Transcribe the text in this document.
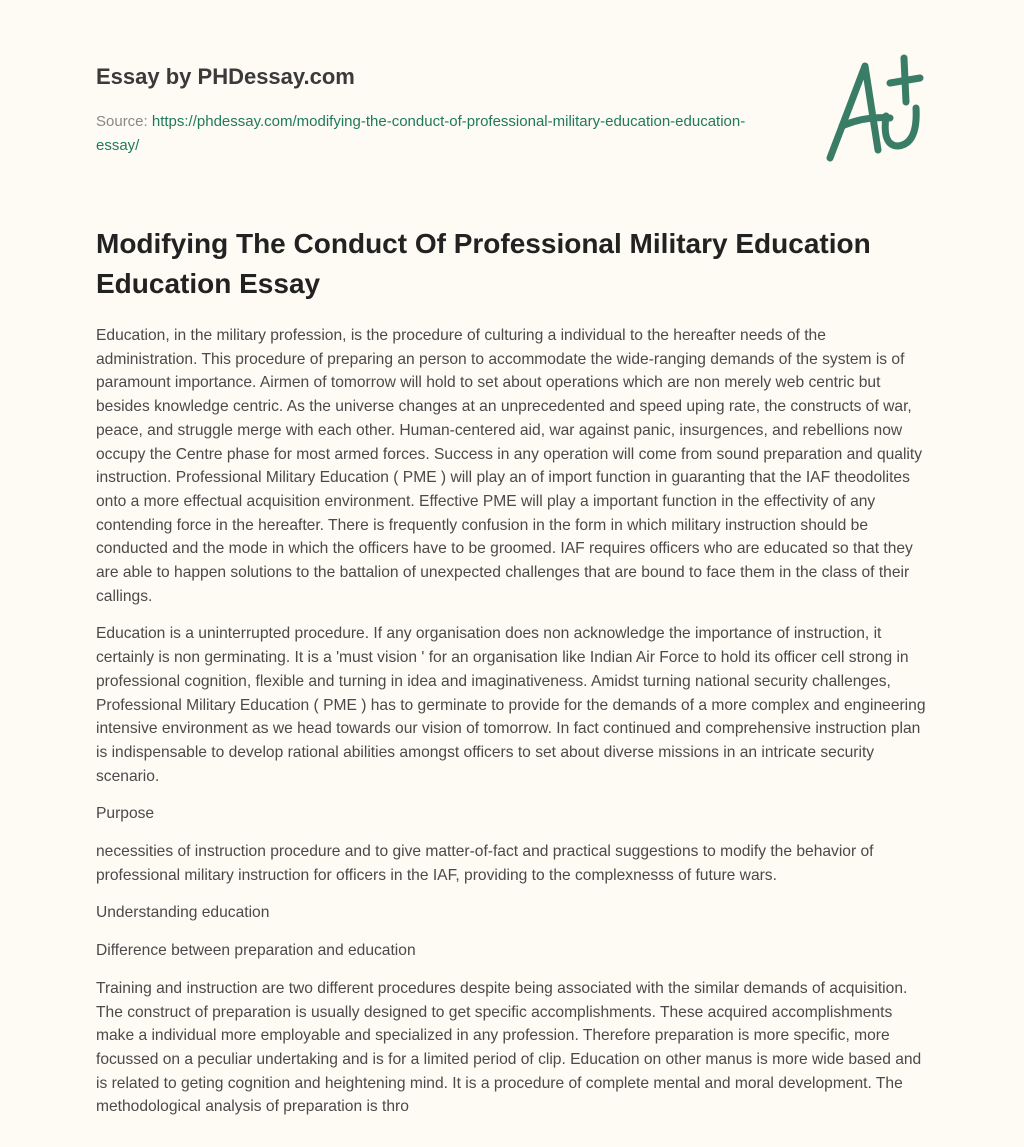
Essay by PHDessay.com
Source: https://phdessay.com/modifying-the-conduct-of-professional-military-education-education-essay/
Modifying The Conduct Of Professional Military Education Education Essay

Education, in the military profession, is the procedure of culturing a individual to the hereafter needs of the administration. This procedure of preparing an person to accommodate the wide-ranging demands of the system is of paramount importance. Airmen of tomorrow will hold to set about operations which are non merely web centric but besides knowledge centric. As the universe changes at an unprecedented and speed uping rate, the constructs of war, peace, and struggle merge with each other. Human-centered aid, war against panic, insurgences, and rebellions now occupy the Centre phase for most armed forces. Success in any operation will come from sound preparation and quality instruction. Professional Military Education ( PME ) will play an of import function in guaranting that the IAF theodolites onto a more effectual acquisition environment. Effective PME will play a important function in the effectivity of any contending force in the hereafter. There is frequently confusion in the form in which military instruction should be conducted and the mode in which the officers have to be groomed. IAF requires officers who are educated so that they are able to happen solutions to the battalion of unexpected challenges that are bound to face them in the class of their callings.

Education is a uninterrupted procedure. If any organisation does non acknowledge the importance of instruction, it certainly is non germinating. It is a 'must vision ' for an organisation like Indian Air Force to hold its officer cell strong in professional cognition, flexible and turning in idea and imaginativeness. Amidst turning national security challenges, Professional Military Education ( PME ) has to germinate to provide for the demands of a more complex and engineering intensive environment as we head towards our vision of tomorrow. In fact continued and comprehensive instruction plan is indispensable to develop rational abilities amongst officers to set about diverse missions in an intricate security scenario.

Purpose

necessities of instruction procedure and to give matter-of-fact and practical suggestions to modify the behavior of professional military instruction for officers in the IAF, providing to the complexnesss of future wars.

Understanding education

Difference between preparation and education

Training and instruction are two different procedures despite being associated with the similar demands of acquisition. The construct of preparation is usually designed to get specific accomplishments. These acquired accomplishments make a individual more employable and specialized in any profession. Therefore preparation is more specific, more focussed on a peculiar undertaking and is for a limited period of clip. Education on other manus is more wide based and is related to geting cognition and heightening mind. It is a procedure of complete mental and moral development. The methodological analysis of preparation is thro
